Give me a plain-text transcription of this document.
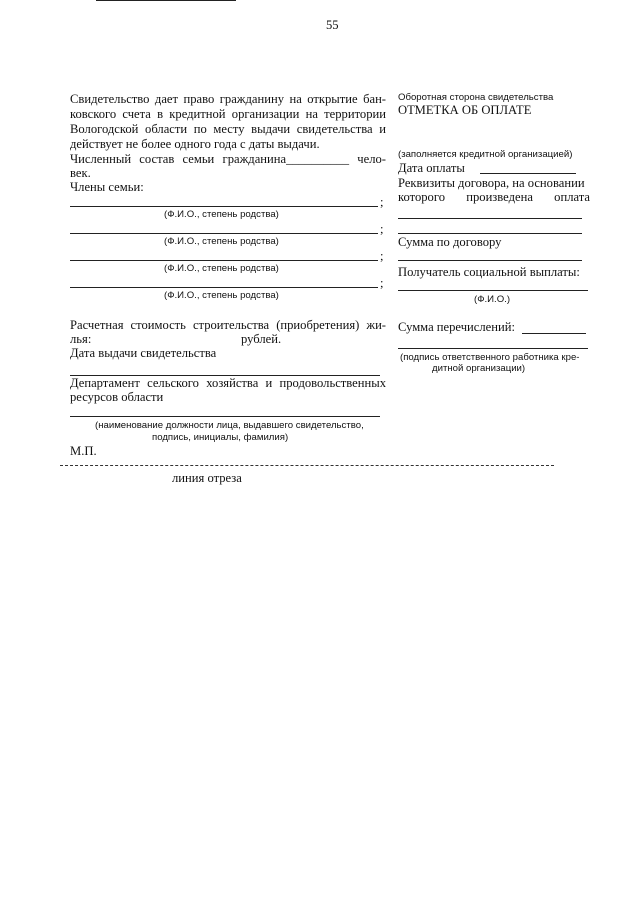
55
Свидетельство дает право гражданину на открытие бан-
ковского счета в кредитной организации на территории
Вологодской области по месту выдачи свидетельства и
действует не более одного года с даты выдачи.
Численный состав семьи гражданина__________ чело-
век.
Члены семьи:
;
(Ф.И.О., степень родства)
;
(Ф.И.О., степень родства)
;
(Ф.И.О., степень родства)
;
(Ф.И.О., степень родства)
Расчетная стоимость строительства (приобретения) жи-
лья:	рублей.
Дата выдачи свидетельства
Департамент сельского хозяйства и продовольственных
ресурсов области
(наименование должности лица, выдавшего свидетельство,
подпись, инициалы, фамилия)
М.П.
Оборотная сторона свидетельства
ОТМЕТКА ОБ ОПЛАТЕ
(заполняется кредитной организацией)
Дата оплаты
Реквизиты договора, на основании
которого произведена оплата
Сумма по договору
Получатель социальной выплаты:
(Ф.И.О.)
Сумма перечислений:
(подпись ответственного работника кре-
дитной организации)
линия отреза
